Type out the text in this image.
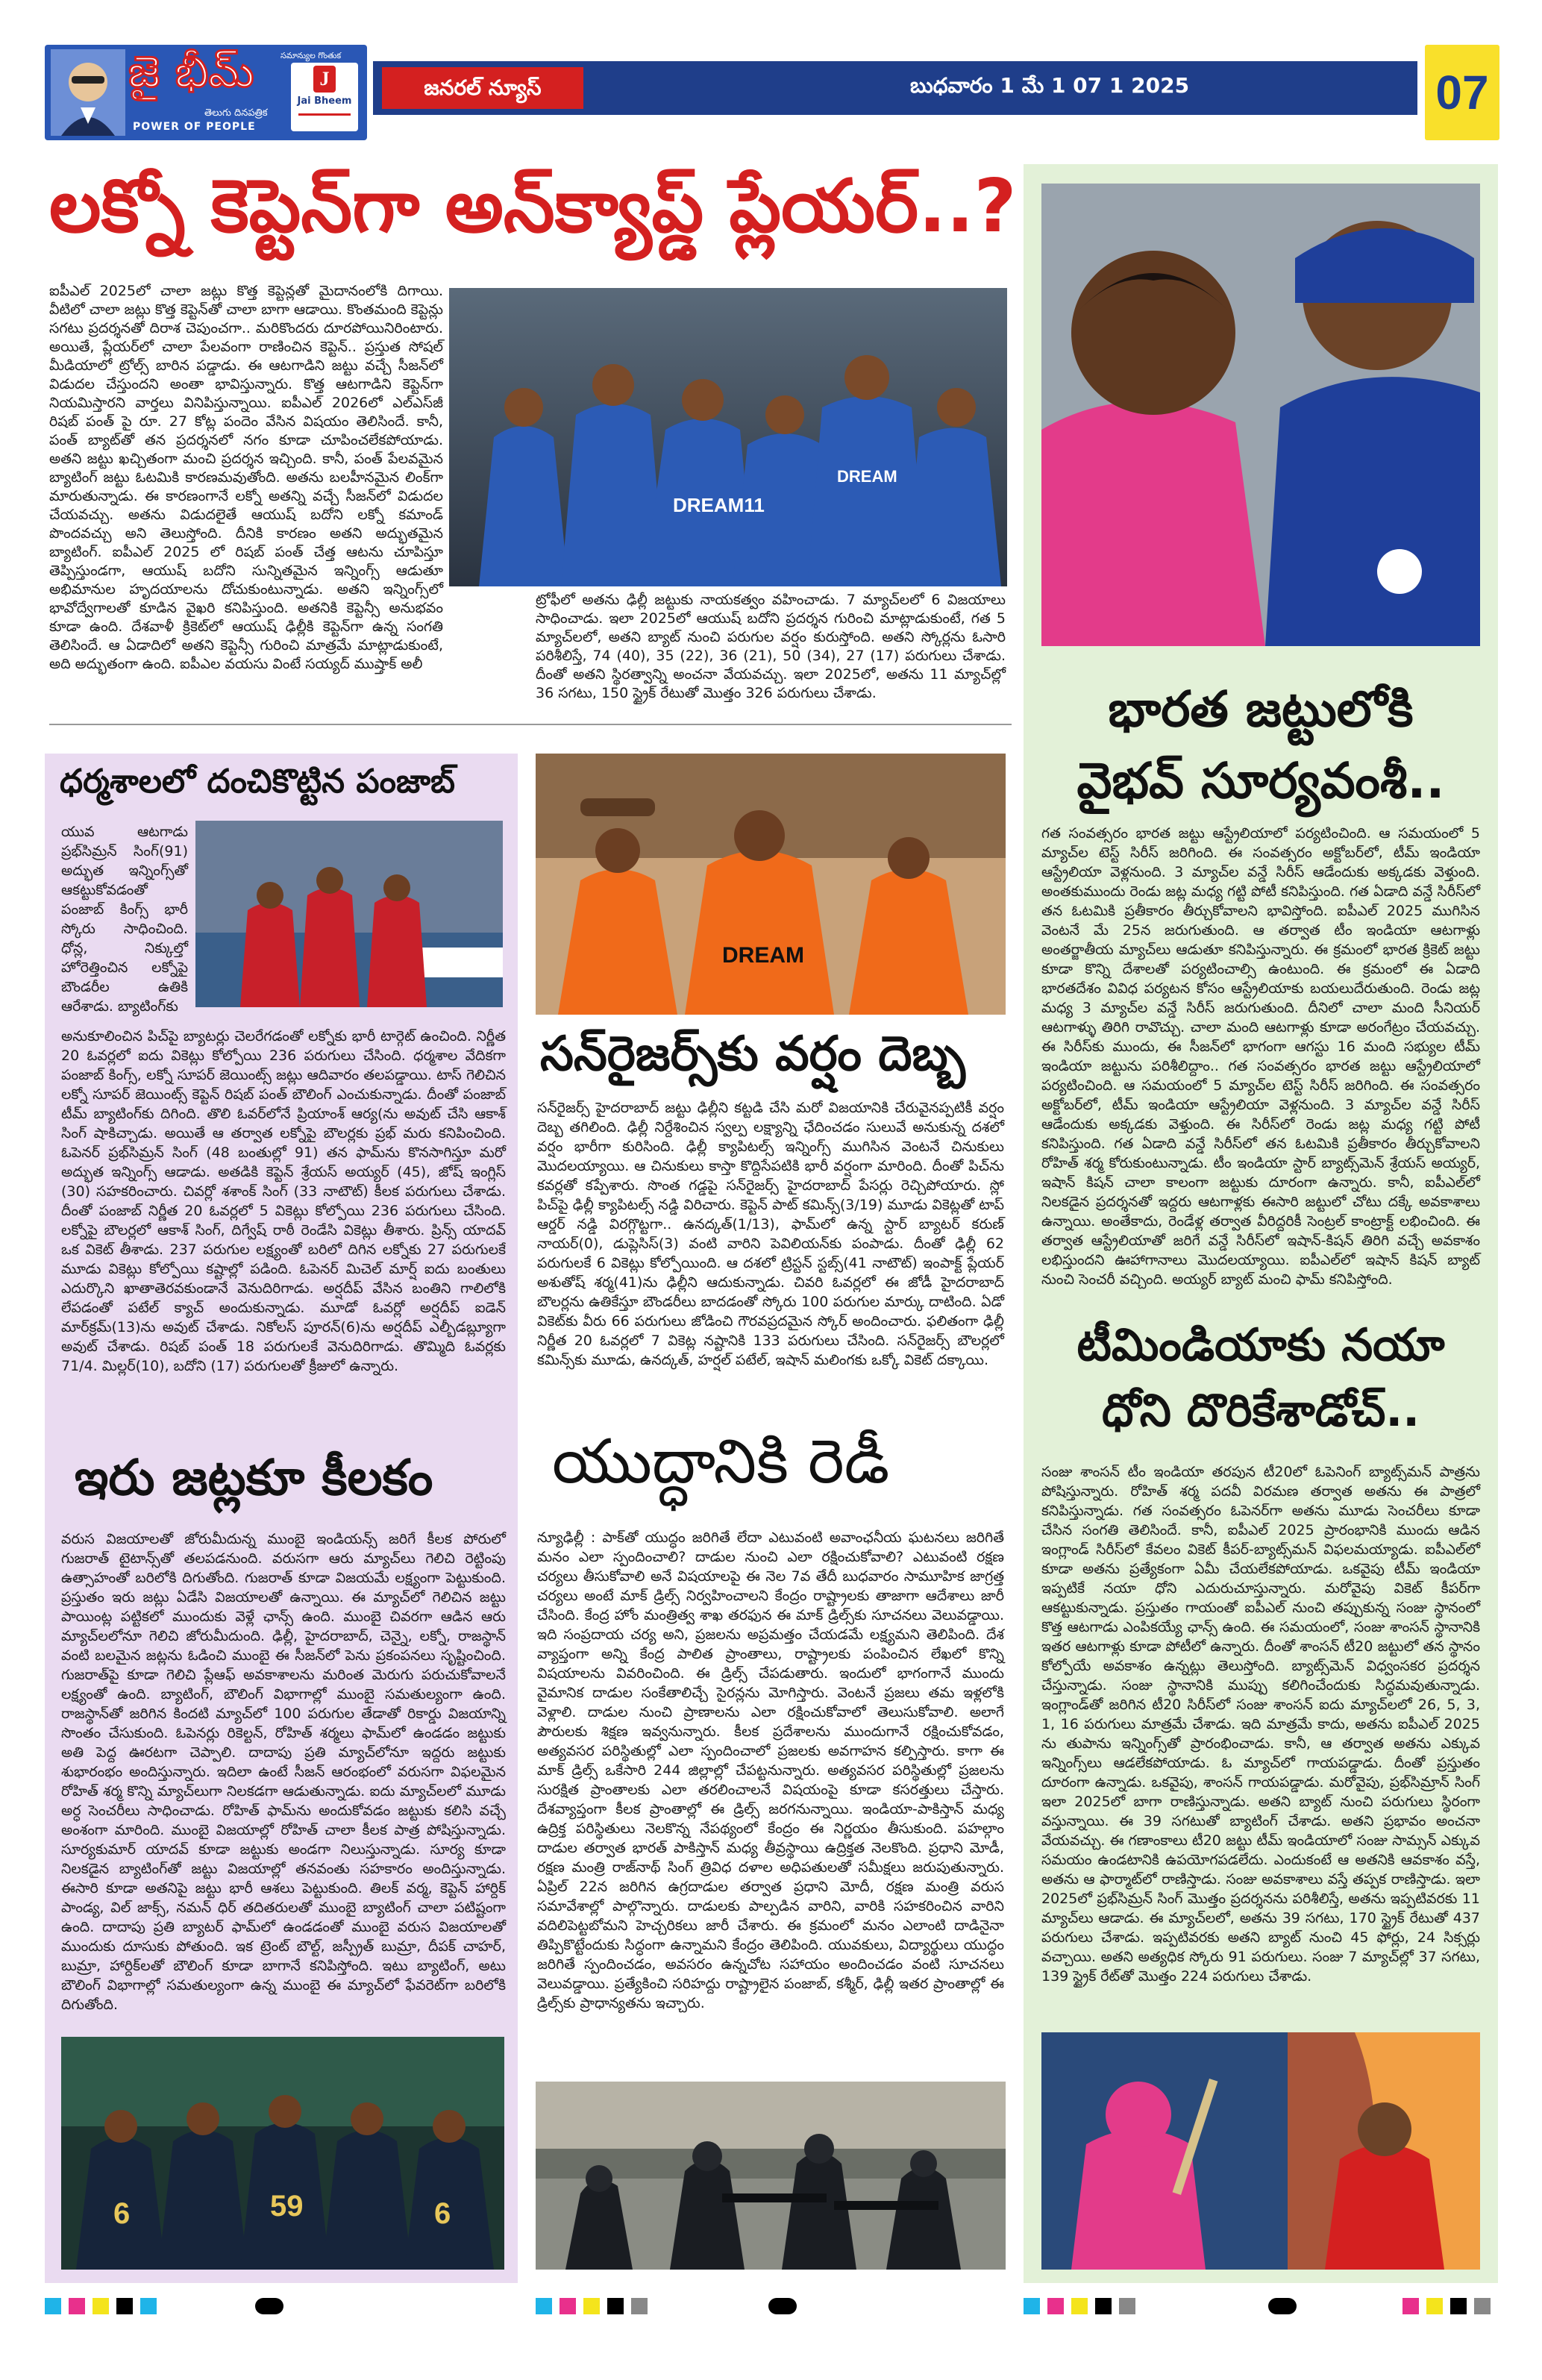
జై భీమ్
POWER OF PEOPLE
తెలుగు దినపత్రిక
సమాన్యుల గొంతుక
J
Jai Bheem
జనరల్ న్యూస్	బుధవారం 1 మే 1 07 1 2025	07
లక్నో కెప్టెన్‌గా అన్‌క్యాప్డ్ ప్లేయర్..?

ఐపీఎల్ 2025లో చాలా జట్లు కొత్త కెప్టెన్లతో మైదానంలోకి దిగాయి. వీటిలో చాలా జట్లు కొత్త కెప్టెన్‌తో చాలా బాగా ఆడాయి. కొంతమంది కెప్టెన్లు సగటు ప్రదర్శనతో దిరాశ చెపుంచగా.. మరికొందరు దూరపోయినిరింటారు. అయితే, ప్లేయర్‌లో చాలా పేలవంగా రాణించిన కెప్టెన్.. ప్రస్తుత సోషల్ మీడియాలో ట్రోల్స్ బారిన పడ్డాడు. ఈ ఆటగాడిని జట్టు వచ్చే సీజన్‌లో విడుదల చేస్తుందని అంతా భావిస్తున్నారు. కొత్త ఆటగాడిని కెప్టెన్‌గా నియమిస్తారని వార్తలు వినిపిస్తున్నాయి. ఐపీఎల్ 2026లో ఎల్‌ఎస్‌జీ రిషబ్ పంత్ పై రూ. 27 కోట్ల పందెం వేసిన విషయం తెలిసిందే. కానీ, పంత్ బ్యాట్‌తో తన ప్రదర్శనలో నగం కూడా చూపించలేకపోయాడు. అతని జట్టు ఖచ్చితంగా మంచి ప్రదర్శన ఇచ్చింది. కానీ, పంత్ పేలవమైన బ్యాటింగ్ జట్టు ఓటమికి కారణమవుతోంది. అతను బలహీనమైన లింక్‌గా మారుతున్నాడు. ఈ కారణంగానే లక్నో అతన్ని వచ్చే సీజన్‌లో విడుదల చేయవచ్చు. అతను విడుదలైతే ఆయుష్ బదోని లక్నో కమాండ్ పొందవచ్చు అని తెలుస్తోంది. దీనికి కారణం అతని అద్భుతమైన బ్యాటింగ్. ఐపీఎల్ 2025 లో రిషబ్ పంత్ చేత్త ఆటను చూపిస్తూ తెప్పిస్తుండగా, ఆయుష్ బదోని సున్నితమైన ఇన్నింగ్స్ ఆడుతూ అభిమానుల హృదయాలను దోచుకుంటున్నాడు. అతని ఇన్నింగ్స్‌లో భావోద్వేగాలతో కూడిన వైఖరి కనిపిస్తుంది. అతనికి కెప్టెన్సీ అనుభవం కూడా ఉంది. దేశవాళీ క్రికెట్‌లో ఆయుష్ ఢిల్లీకి కెప్టెన్‌గా ఉన్న సంగతి తెలిసిందే. ఆ ఏడాదిలో అతని కెప్టెన్సీ గురించి మాత్రమే మాట్లాడుకుంటే, అది అద్భుతంగా ఉంది. ఐపీఎల వయసు వింటే సయ్యద్ ముష్తాక్ అలీ

DREAM11
DREAM

ట్రోఫీలో అతను ఢిల్లీ జట్టుకు నాయకత్వం వహించాడు. 7 మ్యాచ్‌లలో 6 విజయాలు సాధించాడు. ఇలా 2025లో ఆయుష్ బదోని ప్రదర్శన గురించి మాట్లాడుకుంటే, గత 5 మ్యాచ్‌లలో, అతని బ్యాట్ నుంచి పరుగుల వర్షం కురుస్తోంది. అతని స్కోర్లను ఓసారి పరిశీలిస్తే, 74 (40), 35 (22), 36 (21), 50 (34), 27 (17) పరుగులు చేశాడు. దీంతో అతని స్థిరత్వాన్ని అంచనా వేయవచ్చు. ఇలా 2025లో, అతను 11 మ్యాచ్‌ల్లో 36 సగటు, 150 స్ట్రైక్ రేటుతో మొత్తం 326 పరుగులు చేశాడు.

ధర్మశాలలో దంచికొట్టిన పంజాబ్

యువ ఆటగాడు ప్రభ్‌సిమ్రన్ సింగ్(91) అద్భుత ఇన్నింగ్స్‌తో ఆకట్టుకోవడంతో పంజాబ్ కింగ్స్ భారీ స్కోరు సాధించింది. ధోన్ల, నిక్కుల్తో హోరెత్తించిన లక్నోపై బౌండరీల ఉతికి ఆరేశాడు. బ్యాటింగ్‌కు

అనుకూలించిన పిచ్‌పై బ్యాటర్లు చెలరేగడంతో లక్నోకు భారీ టార్గెట్ ఉంచింది. నిర్ణీత 20 ఓవర్లలో ఐదు వికెట్లు కోల్పోయి 236 పరుగులు చేసింది. ధర్మశాల వేదికగా పంజాబ్ కింగ్స్, లక్నో సూపర్ జెయింట్స్ జట్లు ఆదివారం తలపడ్డాయి. టాస్ గెలిచిన లక్నో సూపర్ జెయింట్స్ కెప్టెన్ రిషబ్ పంత్ బౌలింగ్ ఎంచుకున్నాడు. దీంతో పంజాబ్ టీమ్ బ్యాటింగ్‌కు దిగింది. తొలి ఓవర్‌లోనే ప్రియాంశ్ ఆర్య(ను అవుట్ చేసి ఆకాశ్ సింగ్ షాకిచ్చాడు. అయితే ఆ తర్వాత లక్నోపై బౌలర్లకు ప్రభ్ మరు కనిపించింది. ఓపెనర్ ప్రభ్‌సిమ్రన్ సింగ్ (48 బంతుల్లో 91) తన ఫామ్‌ను కొనసాగిస్తూ మరో అద్భుత ఇన్నింగ్స్ ఆడాడు. అతడికి కెప్టెన్ శ్రేయస్ అయ్యర్ (45), జోష్ ఇంగ్లిస్ (30) సహకరించారు. చివర్లో శశాంక్ సింగ్ (33 నాటౌట్) కీలక పరుగులు చేశాడు. దీంతో పంజాబ్ నిర్ణీత 20 ఓవర్లలో 5 వికెట్లు కోల్పోయి 236 పరుగులు చేసింది. లక్నోపై బౌలర్లలో ఆకాశ్ సింగ్, దిగ్వేష్ రాఠీ రెండేసి వికెట్లు తీశారు. ప్రిన్స్ యాదవ్ ఒక వికెట్ తీశాడు. 237 పరుగుల లక్ష్యంతో బరిలో దిగిన లక్నోకు 27 పరుగులకే మూడు వికెట్లు కోల్పోయి కష్టాల్లో పడింది. ఓపెనర్ మిచెల్ మార్ష్ ఐదు బంతులు ఎదుర్కొని ఖాతాతెరవకుండానే వెనుదిరిగాడు. అర్షదీప్ వేసిన బంతిని గాలిలోకి లేపడంతో పటేల్ క్యాచ్ అందుకున్నాడు. మూడో ఓవర్లో అర్షదీప్ ఐడెన్ మార్‌క్రమ్(13)ను అవుట్ చేశాడు. నికోలస్ పూరన్(6)ను అర్షదీప్ ఎల్బీడబ్ల్యూగా అవుట్ చేశాడు. రిషబ్ పంత్ 18 పరుగులకే వెనుదిరిగాడు. తొమ్మిది ఓవర్లకు 71/4. మిల్లర్(10), బదోని (17) పరుగులతో క్రీజులో ఉన్నారు.

ఇరు జట్లకూ కీలకం

వరుస విజయాలతో జోరుమీదున్న ముంబై ఇండియన్స్ జరిగే కీలక పోరులో గుజరాత్ టైటాన్స్‌తో తలపడనుంది. వరుసగా ఆరు మ్యాచ్‌లు గెలిచి రెట్టింపు ఉత్సాహంతో బరిలోకి దిగుతోంది. గుజరాత్ కూడా విజయమే లక్ష్యంగా పెట్టుకుంది. ప్రస్తుతం ఇరు జట్లు ఏడేసి విజయాలతో ఉన్నాయి. ఈ మ్యాచ్‌లో గెలిచిన జట్టు పాయింట్ల పట్టికలో ముందుకు వెళ్లే ఛాన్స్ ఉంది. ముంబై చివరగా ఆడిన ఆరు మ్యాచ్‌లలోనూ గెలిచి జోరుమీదుంది. ఢిల్లీ, హైదరాబాద్, చెన్నై, లక్నో, రాజస్థాన్ వంటి బలమైన జట్లను ఓడించి ముంబై ఈ సీజన్‌లో పెను ప్రకంపనలు సృష్టించింది. గుజరాత్‌పై కూడా గెలిచి ప్లేఆఫ్ అవకాశాలను మరింత మెరుగు పరుచుకోవాలనే లక్ష్యంతో ఉంది. బ్యాటింగ్, బౌలింగ్ విభాగాల్లో ముంబై సమతుల్యంగా ఉంది. రాజస్థాన్‌తో జరిగిన కిందటి మ్యాచ్‌లో 100 పరుగుల తేడాతో రికార్డు విజయాన్ని సొంతం చేసుకుంది. ఓపెనర్లు రికెల్టన్, రోహిత్ శర్మలు ఫామ్‌లో ఉండడం జట్టుకు అతి పెద్ద ఊరటగా చెప్పాలి. దాదాపు ప్రతి మ్యాచ్‌లోనూ ఇద్దరు జట్టుకు శుభారంభం అందిస్తున్నారు. ఇదిలా ఉంటే సీజన్ ఆరంభంలో వరుసగా విఫలమైన రోహిత్ శర్మ కొన్ని మ్యాచ్‌లుగా నిలకడగా ఆడుతున్నాడు. ఐదు మ్యాచ్‌లలో మూడు అర్ధ సెంచరీలు సాధించాడు. రోహిత్ ఫామ్‌ను అందుకోవడం జట్టుకు కలిసి వచ్చే అంశంగా మారింది. ముంబై విజయాల్లో రోహిత్ చాలా కీలక పాత్ర పోషిస్తున్నాడు. సూర్యకుమార్ యాదవ్ కూడా జట్టుకు అండగా నిలుస్తున్నాడు. సూర్య కూడా నిలకడైన బ్యాటింగ్‌తో జట్టు విజయాల్లో తనవంతు సహకారం అందిస్తున్నాడు. ఈసారి కూడా అతనిపై జట్టు భారీ ఆశలు పెట్టుకుంది. తిలక్ వర్మ, కెప్టెన్ హార్దిక్ పాండ్య, విల్ జాక్స్, నమన్ ధిర్ తదితరులతో ముంబై బ్యాటింగ్ చాలా పటిష్టంగా ఉంది. దాదాపు ప్రతి బ్యాటర్ ఫామ్‌లో ఉండడంతో ముంబై వరుస విజయాలతో ముందుకు దూసుకు పోతుంది. ఇక ట్రెంట్ బౌల్ట్, జస్ప్రీత్ బుమ్రా, దీపక్ చాహర్, బుమ్రా, హార్దిక్‌లతో బౌలింగ్ కూడా బాగానే కనిపిస్తోంది. ఇటు బ్యాటింగ్, అటు బౌలింగ్ విభాగాల్లో సమతుల్యంగా ఉన్న ముంబై ఈ మ్యాచ్‌లో ఫేవరెట్‌గా బరిలోకి దిగుతోంది.

6	59	6
DREAM
సన్‌రైజర్స్‌కు వర్షం దెబ్బ

సన్‌రైజర్స్ హైదరాబాద్ జట్టు ఢిల్లీని కట్టడి చేసి మరో విజయానికి చేరువైనప్పటికీ వర్షం దెబ్బ తగిలింది. ఢిల్లీ నిర్దేశించిన స్వల్ప లక్ష్యాన్ని ఛేదించడం సులువే అనుకున్న దశలో వర్షం భారీగా కురిసింది. ఢిల్లీ క్యాపిటల్స్ ఇన్నింగ్స్ ముగిసిన వెంటనే చినుకులు మొదలయ్యాయి. ఆ చినుకులు కాస్తా కొద్దిసేపటికి భారీ వర్షంగా మారింది. దీంతో పిచ్‌ను కవర్లతో కప్పేశారు. సొంత గడ్డపై సన్‌రైజర్స్ హైదరాబాద్ పేసర్లు రెచ్చిపోయారు. స్లో పిచ్‌పై ఢిల్లీ క్యాపిటల్స్ నడ్డి విరిచారు. కెప్టెన్ పాట్ కమిన్స్(3/19) మూడు వికెట్లతో టాప్ ఆర్డర్ నడ్డి విరగ్గొట్టగా.. ఉనద్కత్(1/13), ఫామ్‌లో ఉన్న స్టార్ బ్యాటర్ కరుణ్ నాయర్(0), డుప్లెసిస్(3) వంటి వారిని పెవిలియన్‌కు పంపాడు. దీంతో ఢిల్లీ 62 పరుగులకే 6 వికెట్లు కోల్పోయింది. ఆ దశలో ట్రిస్టన్ స్టబ్స్(41 నాటౌట్) ఇంపాక్ట్ ప్లేయర్ అశుతోష్ శర్మ(41)ను ఢిల్లీని ఆదుకున్నాడు. చివరి ఓవర్లలో ఈ జోడీ హైదరాబాద్ బౌలర్లను ఉతికేస్తూ బౌండరీలు బాదడంతో స్కోరు 100 పరుగుల మార్కు దాటింది. ఏడో వికెట్‌కు వీరు 66 పరుగులు జోడించి గౌరవప్రదమైన స్కోర్ అందించారు. ఫలితంగా ఢిల్లీ నిర్ణీత 20 ఓవర్లలో 7 వికెట్ల నష్టానికి 133 పరుగులు చేసింది. సన్‌రైజర్స్ బౌలర్లలో కమిన్స్‌కు మూడు, ఉనద్కత్, హర్షల్ పటేల్, ఇషాన్ మలింగకు ఒక్కో వికెట్ దక్కాయి.

యుద్ధానికి రెడీ

న్యూఢిల్లీ : పాక్‌తో యుద్ధం జరిగితే లేదా ఎటువంటి అవాంఛనీయ ఘటనలు జరిగితే మనం ఎలా స్పందించాలి? దాడుల నుంచి ఎలా రక్షించుకోవాలి? ఎటువంటి రక్షణ చర్యలు తీసుకోవాలి అనే విషయాలపై ఈ నెల 7వ తేదీ బుధవారం సామూహిక జాగ్రత్త చర్యలు అంటే మాక్ డ్రిల్స్ నిర్వహించాలని కేంద్రం రాష్ట్రాలకు తాజాగా ఆదేశాలు జారీ చేసింది. కేంద్ర హోం మంత్రిత్వ శాఖ తరఫున ఈ మాక్ డ్రిల్స్‌కు సూచనలు వెలువడ్డాయి. ఇది సంప్రదాయ చర్య అని, ప్రజలను అప్రమత్తం చేయడమే లక్ష్యమని తెలిపింది. దేశ వ్యాప్తంగా అన్ని కేంద్ర పాలిత ప్రాంతాలు, రాష్ట్రాలకు పంపించిన లేఖలో కొన్ని విషయాలను వివరించింది. ఈ డ్రిల్స్ చేపడుతారు. ఇందులో భాగంగానే ముందు వైమానిక దాడుల సంకేతాలిచ్చే సైరన్లను మోగిస్తారు. వెంటనే ప్రజలు తమ ఇళ్లలోకి వెళ్లాలి. దాడుల నుంచి ప్రాణాలను ఎలా రక్షించుకోవాలో తెలుసుకోవాలి. అలాగే పౌరులకు శిక్షణ ఇవ్వనున్నారు. కీలక ప్రదేశాలను ముందుగానే రక్షించుకోవడం, అత్యవసర పరిస్థితుల్లో ఎలా స్పందించాలో ప్రజలకు అవగాహన కల్పిస్తారు. కాగా ఈ మాక్ డ్రిల్స్ ఒకేసారి 244 జిల్లాల్లో చేపట్టనున్నారు. అత్యవసర పరిస్థితుల్లో ప్రజలను సురక్షిత ప్రాంతాలకు ఎలా తరలించాలనే విషయంపై కూడా కసరత్తులు చేస్తారు. దేశవ్యాప్తంగా కీలక ప్రాంతాల్లో ఈ డ్రిల్స్ జరగనున్నాయి. ఇండియా-పాకిస్తాన్ మధ్య ఉద్రిక్త పరిస్థితులు నెలకొన్న నేపథ్యంలో కేంద్రం ఈ నిర్ణయం తీసుకుంది. పహల్గాం దాడుల తర్వాత భారత్ పాకిస్తాన్ మధ్య తీవ్రస్థాయి ఉద్రిక్తత నెలకొంది. ప్రధాని మోడీ, రక్షణ మంత్రి రాజ్‌నాథ్ సింగ్ త్రివిధ దళాల అధిపతులతో సమీక్షలు జరుపుతున్నారు. ఏప్రిల్ 22న జరిగిన ఉగ్రదాడుల తర్వాత ప్రధాని మోదీ, రక్షణ మంత్రి వరుస సమావేశాల్లో పాల్గొన్నారు. దాడులకు పాల్పడిన వారిని, వారికి సహకరించిన వారిని వదిలిపెట్టబోమని హెచ్చరికలు జారీ చేశారు. ఈ క్రమంలో మనం ఎలాంటి దాడినైనా తిప్పికొట్టేందుకు సిద్ధంగా ఉన్నామని కేంద్రం తెలిపింది. యువకులు, విద్యార్థులు యుద్ధం జరిగితే స్పందించడం, అవసరం ఉన్నచోట సహాయం అందించడం వంటి సూచనలు వెలువడ్డాయి. ప్రత్యేకించి సరిహద్దు రాష్ట్రాలైన పంజాబ్, కశ్మీర్, ఢిల్లీ ఇతర ప్రాంతాల్లో ఈ డ్రిల్స్‌కు ప్రాధాన్యతను ఇచ్చారు.

భారత జట్టులోకి
వైభవ్ సూర్యవంశీ..

గత సంవత్సరం భారత జట్టు ఆస్ట్రేలియాలో పర్యటించింది. ఆ సమయంలో 5 మ్యాచ్‌ల టెస్ట్ సిరీస్ జరిగింది. ఈ సంవత్సరం అక్టోబర్‌లో, టీమ్ ఇండియా ఆస్ట్రేలియా వెళ్లనుంది. 3 మ్యాచ్‌ల వన్డే సిరీస్ ఆడేందుకు అక్కడకు వెళ్తుంది. అంతకుముందు రెండు జట్ల మధ్య గట్టి పోటీ కనిపిస్తుంది. గత ఏడాది వన్డే సిరీస్‌లో తన ఓటమికి ప్రతీకారం తీర్చుకోవాలని భావిస్తోంది. ఐపీఎల్ 2025 ముగిసిన వెంటనే మే 25న జరుగుతుంది. ఆ తర్వాత టీం ఇండియా ఆటగాళ్లు అంతర్జాతీయ మ్యాచ్‌లు ఆడుతూ కనిపిస్తున్నారు. ఈ క్రమంలో భారత క్రికెట్ జట్టు కూడా కొన్ని దేశాలతో పర్యటించాల్సి ఉంటుంది. ఈ క్రమంలో ఈ ఏడాది భారతదేశం వివిధ పర్యటన కోసం ఆస్ట్రేలియాకు బయలుదేరుతుంది. రెండు జట్ల మధ్య 3 మ్యాచ్‌ల వన్డే సిరీస్ జరుగుతుంది. దీనిలో చాలా మంది సీనియర్ ఆటగాళ్ళు తిరిగి రావొచ్చు. చాలా మంది ఆటగాళ్లు కూడా అరంగేట్రం చేయవచ్చు. ఈ సిరీస్‌కు ముందు, ఈ సీజన్‌లో భాగంగా ఆగస్టు 16 మంది సభ్యుల టీమ్ ఇండియా జట్టును పరిశీలిద్దాం.. గత సంవత్సరం భారత జట్టు ఆస్ట్రేలియాలో పర్యటించింది. ఆ సమయంలో 5 మ్యాచ్‌ల టెస్ట్ సిరీస్ జరిగింది. ఈ సంవత్సరం అక్టోబర్‌లో, టీమ్ ఇండియా ఆస్ట్రేలియా వెళ్లనుంది. 3 మ్యాచ్‌ల వన్డే సిరీస్ ఆడేందుకు అక్కడకు వెళ్తుంది. ఈ సిరీస్‌లో రెండు జట్ల మధ్య గట్టి పోటీ కనిపిస్తుంది. గత ఏడాది వన్డే సిరీస్‌లో తన ఓటమికి ప్రతీకారం తీర్చుకోవాలని రోహిత్ శర్మ కోరుకుంటున్నాడు. టీం ఇండియా స్టార్ బ్యాట్స్‌మెన్ శ్రేయస్ అయ్యర్, ఇషాన్ కిషన్ చాలా కాలంగా జట్టుకు దూరంగా ఉన్నారు. కానీ, ఐపీఎల్‌లో నిలకడైన ప్రదర్శనతో ఇద్దరు ఆటగాళ్లకు ఈసారి జట్టులో చోటు దక్కే అవకాశాలు ఉన్నాయి. అంతేకాదు, రెండేళ్ల తర్వాత వీరిద్దరికీ సెంట్రల్ కాంట్రాక్ట్ లభించింది. ఈ తర్వాత ఆస్ట్రేలియాతో జరిగే వన్డే సిరీస్‌లో ఇషాన్-కిషన్ తిరిగి వచ్చే అవకాశం లభిస్తుందని ఊహాగానాలు మొదలయ్యాయి. ఐపీఎల్‌లో ఇషాన్ కిషన్ బ్యాట్ నుంచి సెంచరీ వచ్చింది. అయ్యర్ బ్యాట్ మంచి ఫామ్ కనిపిస్తోంది.

టీమిండియాకు నయా
ధోని దొరికేశాడోచ్..

సంజు శాంసన్ టీం ఇండియా తరపున టీ20లో ఓపెనింగ్ బ్యాట్స్‌మన్ పాత్రను పోషిస్తున్నారు. రోహిత్ శర్మ పదవీ విరమణ తర్వాత అతను ఈ పాత్రలో కనిపిస్తున్నాడు. గత సంవత్సరం ఓపెనర్‌గా అతను మూడు సెంచరీలు కూడా చేసిన సంగతి తెలిసిందే. కానీ, ఐపీఎల్ 2025 ప్రారంభానికి ముందు ఆడిన ఇంగ్లాండ్ సిరీస్‌లో కేవలం వికెట్ కీపర్-బ్యాట్స్‌మన్ విఫలమయ్యాడు. ఐపీఎల్‌లో కూడా అతను ప్రత్యేకంగా ఏమీ చేయలేకపోయాడు. ఒకవైపు టీమ్ ఇండియా ఇప్పటికే నయా ధోని ఎదురుచూస్తున్నారు. మరోవైపు వికెట్ కీపర్‌గా ఆకట్టుకున్నాడు. ప్రస్తుతం గాయంతో ఐపీఎల్ నుంచి తప్పుకున్న సంజు స్థానంలో కొత్త ఆటగాడు ఎంపికయ్యే ఛాన్స్ ఉంది. ఈ సమయంలో, సంజు శాంసన్ స్థానానికి ఇతర ఆటగాళ్లు కూడా పోటీలో ఉన్నారు. దీంతో శాంసన్ టీ20 జట్టులో తన స్థానం కోల్పోయే అవకాశం ఉన్నట్లు తెలుస్తోంది. బ్యాట్స్‌మెన్ విధ్వంసకర ప్రదర్శన చేస్తున్నాడు. సంజు స్థానానికి ముప్పు కలిగించేందుకు సిద్ధమవుతున్నాడు. ఇంగ్లాండ్‌తో జరిగిన టీ20 సిరీస్‌లో సంజు శాంసన్ ఐదు మ్యాచ్‌లలో 26, 5, 3, 1, 16 పరుగులు మాత్రమే చేశాడు. ఇది మాత్రమే కాదు, అతను ఐపీఎల్ 2025 ను తుపాను ఇన్నింగ్స్‌తో ప్రారంభించాడు. కానీ, ఆ తర్వాత అతను ఎక్కువ ఇన్నింగ్స్‌లు ఆడలేకపోయాడు. ఓ మ్యాచ్‌లో గాయపడ్డాడు. దీంతో ప్రస్తుతం దూరంగా ఉన్నాడు. ఒకవైపు, శాంసన్ గాయపడ్డాడు. మరోవైపు, ప్రభ్‌సిమ్రాన్ సింగ్ ఇలా 2025లో బాగా రాణిస్తున్నాడు. అతని బ్యాట్ నుంచి పరుగులు స్థిరంగా వస్తున్నాయి. ఈ 39 సగటుతో బ్యాటింగ్ చేశాడు. అతని ప్రభావం అంచనా వేయవచ్చు. ఈ గణాంకాలు టీ20 జట్టు టీమ్ ఇండియాలో సంజు సామ్సన్ ఎక్కువ సమయం ఉండటానికి ఉపయోగపడలేదు. ఎందుకంటే ఆ అతనికి ఆవకాశం వస్తే, అతను ఆ ఫార్మాట్‌లో రాణిస్తాడు. సంజు అవకాశాలు వస్తే తప్పక రాణిస్తాడు. ఇలా 2025లో ప్రభ్‌సిమ్రన్ సింగ్ మొత్తం ప్రదర్శనను పరిశీలిస్తే, అతను ఇప్పటివరకు 11 మ్యాచ్‌లు ఆడాడు. ఈ మ్యాచ్‌లలో, అతను 39 సగటు, 170 స్ట్రైక్ రేటుతో 437 పరుగులు చేశాడు. ఇప్పటివరకు అతని బ్యాట్ నుంచి 45 ఫోర్లు, 24 సిక్సర్లు వచ్చాయి. అతని అత్యధిక స్కోరు 91 పరుగులు. సంజు 7 మ్యాచ్‌ల్లో 37 సగటు, 139 స్ట్రైక్ రేట్‌తో మొత్తం 224 పరుగులు చేశాడు.
